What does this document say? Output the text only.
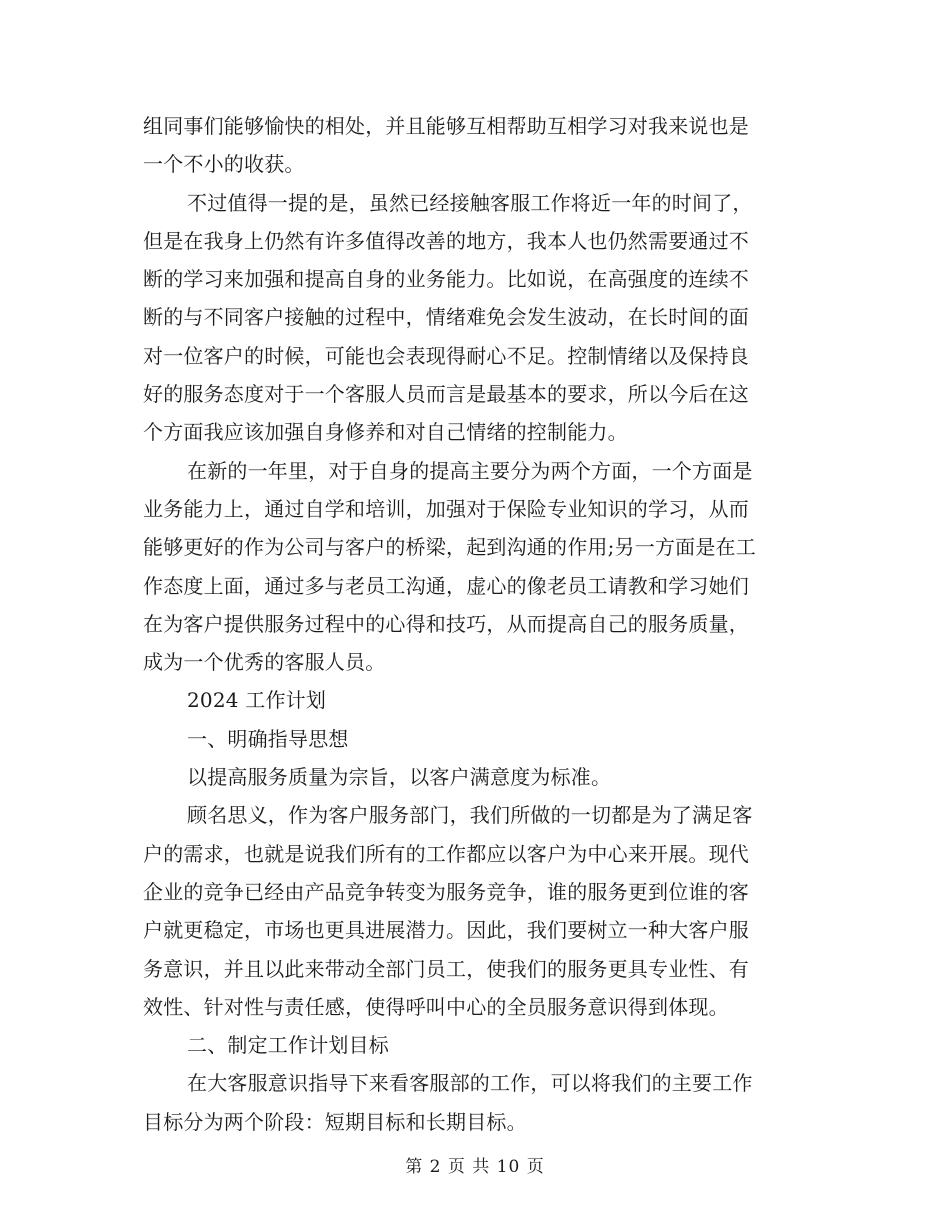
组同事们能够愉快的相处，并且能够互相帮助互相学习对我来说也是
一个不小的收获。
不过值得一提的是，虽然已经接触客服工作将近一年的时间了，
但是在我身上仍然有许多值得改善的地方，我本人也仍然需要通过不
断的学习来加强和提高自身的业务能力。比如说，在高强度的连续不
断的与不同客户接触的过程中，情绪难免会发生波动，在长时间的面
对一位客户的时候，可能也会表现得耐心不足。控制情绪以及保持良
好的服务态度对于一个客服人员而言是最基本的要求，所以今后在这
个方面我应该加强自身修养和对自己情绪的控制能力。
在新的一年里，对于自身的提高主要分为两个方面，一个方面是
业务能力上，通过自学和培训，加强对于保险专业知识的学习，从而
能够更好的作为公司与客户的桥梁，起到沟通的作用;另一方面是在工
作态度上面，通过多与老员工沟通，虚心的像老员工请教和学习她们
在为客户提供服务过程中的心得和技巧，从而提高自己的服务质量，
成为一个优秀的客服人员。
2024 工作计划
一、明确指导思想
以提高服务质量为宗旨，以客户满意度为标准。
顾名思义，作为客户服务部门，我们所做的一切都是为了满足客
户的需求，也就是说我们所有的工作都应以客户为中心来开展。现代
企业的竞争已经由产品竞争转变为服务竞争，谁的服务更到位谁的客
户就更稳定，市场也更具进展潜力。因此，我们要树立一种大客户服
务意识，并且以此来带动全部门员工，使我们的服务更具专业性、有
效性、针对性与责任感，使得呼叫中心的全员服务意识得到体现。
二、制定工作计划目标
在大客服意识指导下来看客服部的工作，可以将我们的主要工作
目标分为两个阶段：短期目标和长期目标。
第 2 页 共 10 页
